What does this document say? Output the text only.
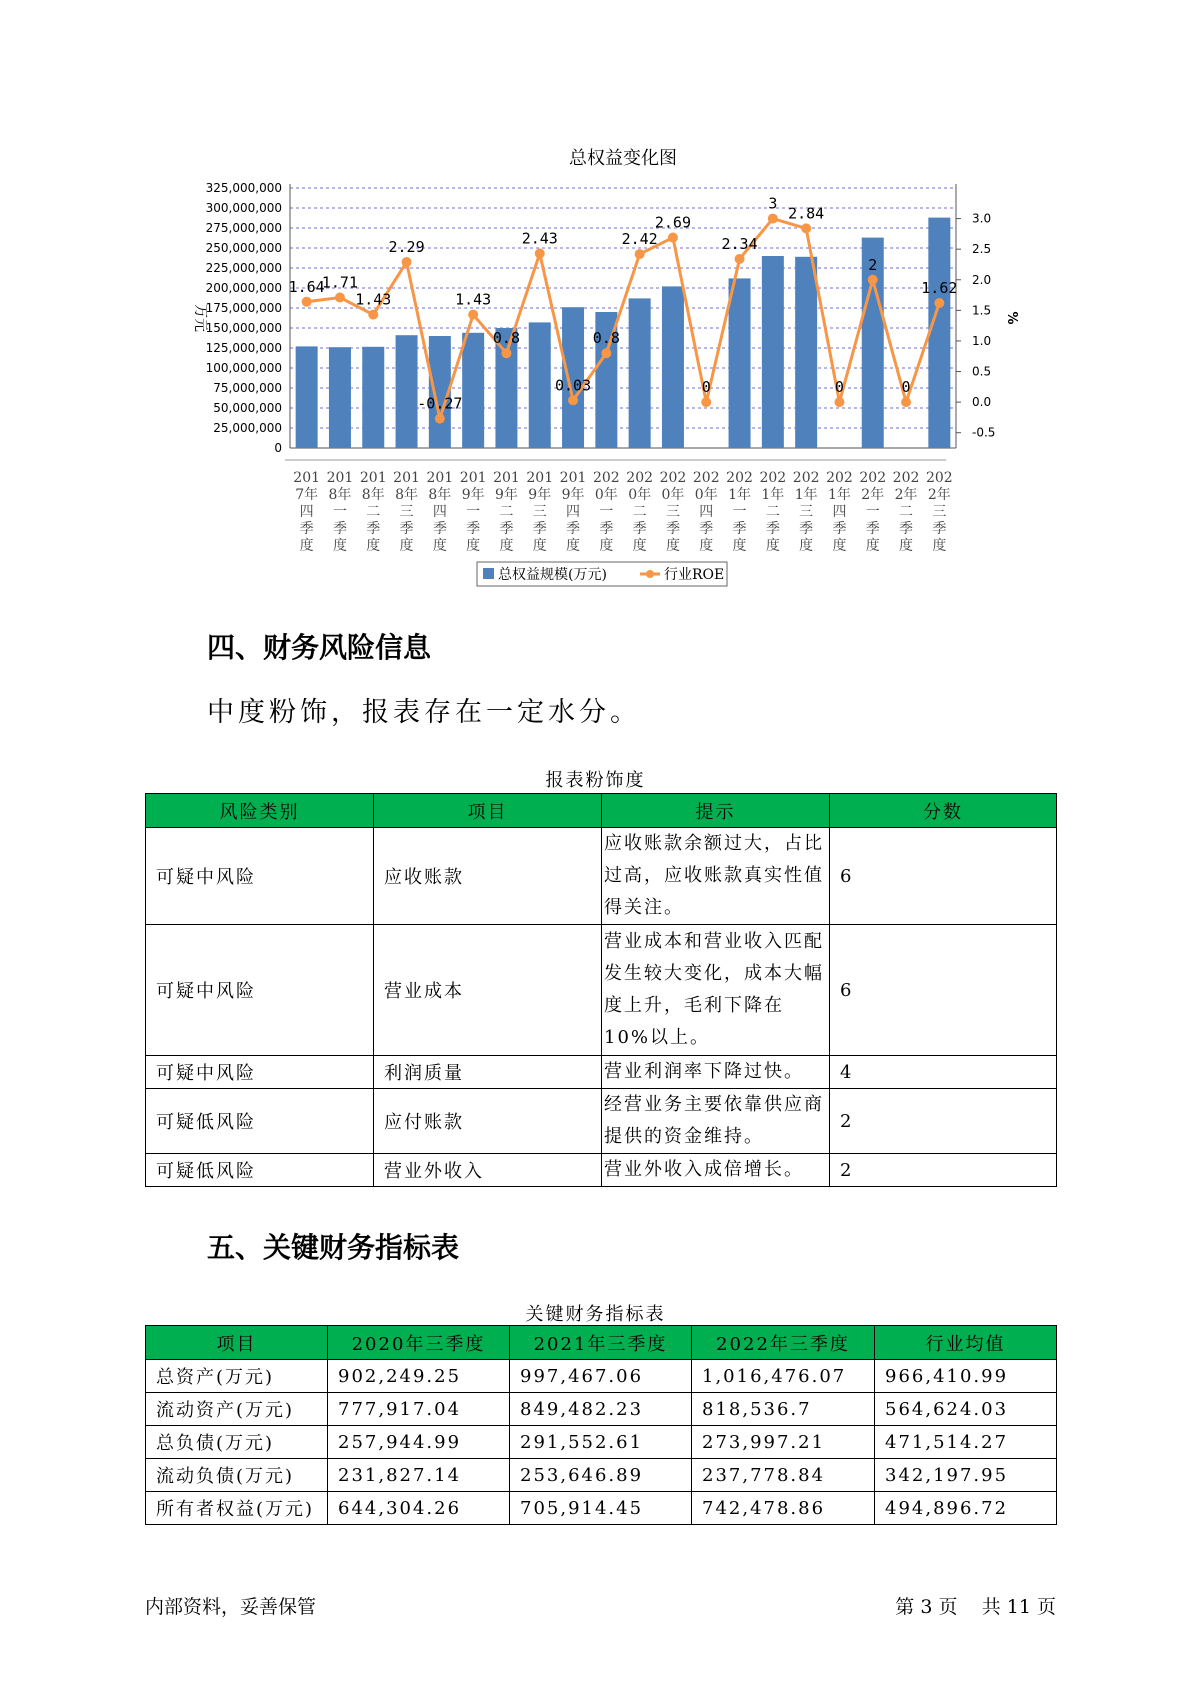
总权益变化图
0
25,000,000
50,000,000
75,000,000
100,000,000
125,000,000
150,000,000
175,000,000
200,000,000
225,000,000
250,000,000
275,000,000
300,000,000
325,000,000
-0.5
0.0
0.5
1.0
1.5
2.0
2.5
3.0
万元	%
201
7年
四
季
度
201
8年
一
季
度
201
8年
二
季
度
201
8年
三
季
度
201
8年
四
季
度
201
9年
一
季
度
201
9年
二
季
度
201
9年
三
季
度
201
9年
四
季
度
202
0年
一
季
度
202
0年
二
季
度
202
0年
三
季
度
202
0年
四
季
度
202
1年
一
季
度
202
1年
二
季
度
202
1年
三
季
度
202
1年
四
季
度
202
2年
一
季
度
202
2年
二
季
度
202
2年
三
季
度
1.64
1.71
1.43
2.29
-0.27
1.43
0.8
2.43
0.03
0.8
2.42
2.69
0
2.34
3
2.84
0
2
0
1.62
总权益规模(万元)	行业ROE
四、财务风险信息
中度粉饰，报表存在一定水分。
报表粉饰度
风险类别	项目	提示	分数
可疑中风险	应收账款	应收账款余额过大，占比过高，应收账款真实性值得关注。	6
可疑中风险	营业成本	营业成本和营业收入匹配发生较大变化，成本大幅度上升，毛利下降在10%以上。	6
可疑中风险	利润质量	营业利润率下降过快。	4
可疑低风险	应付账款	经营业务主要依靠供应商提供的资金维持。	2
可疑低风险	营业外收入	营业外收入成倍增长。	2
五、关键财务指标表
关键财务指标表
项目	2020年三季度	2021年三季度	2022年三季度	行业均值
总资产(万元)	902,249.25	997,467.06	1,016,476.07	966,410.99
流动资产(万元)	777,917.04	849,482.23	818,536.7	564,624.03
总负债(万元)	257,944.99	291,552.61	273,997.21	471,514.27
流动负债(万元)	231,827.14	253,646.89	237,778.84	342,197.95
所有者权益(万元)	644,304.26	705,914.45	742,478.86	494,896.72
内部资料，妥善保管	第 3 页 共 11 页
